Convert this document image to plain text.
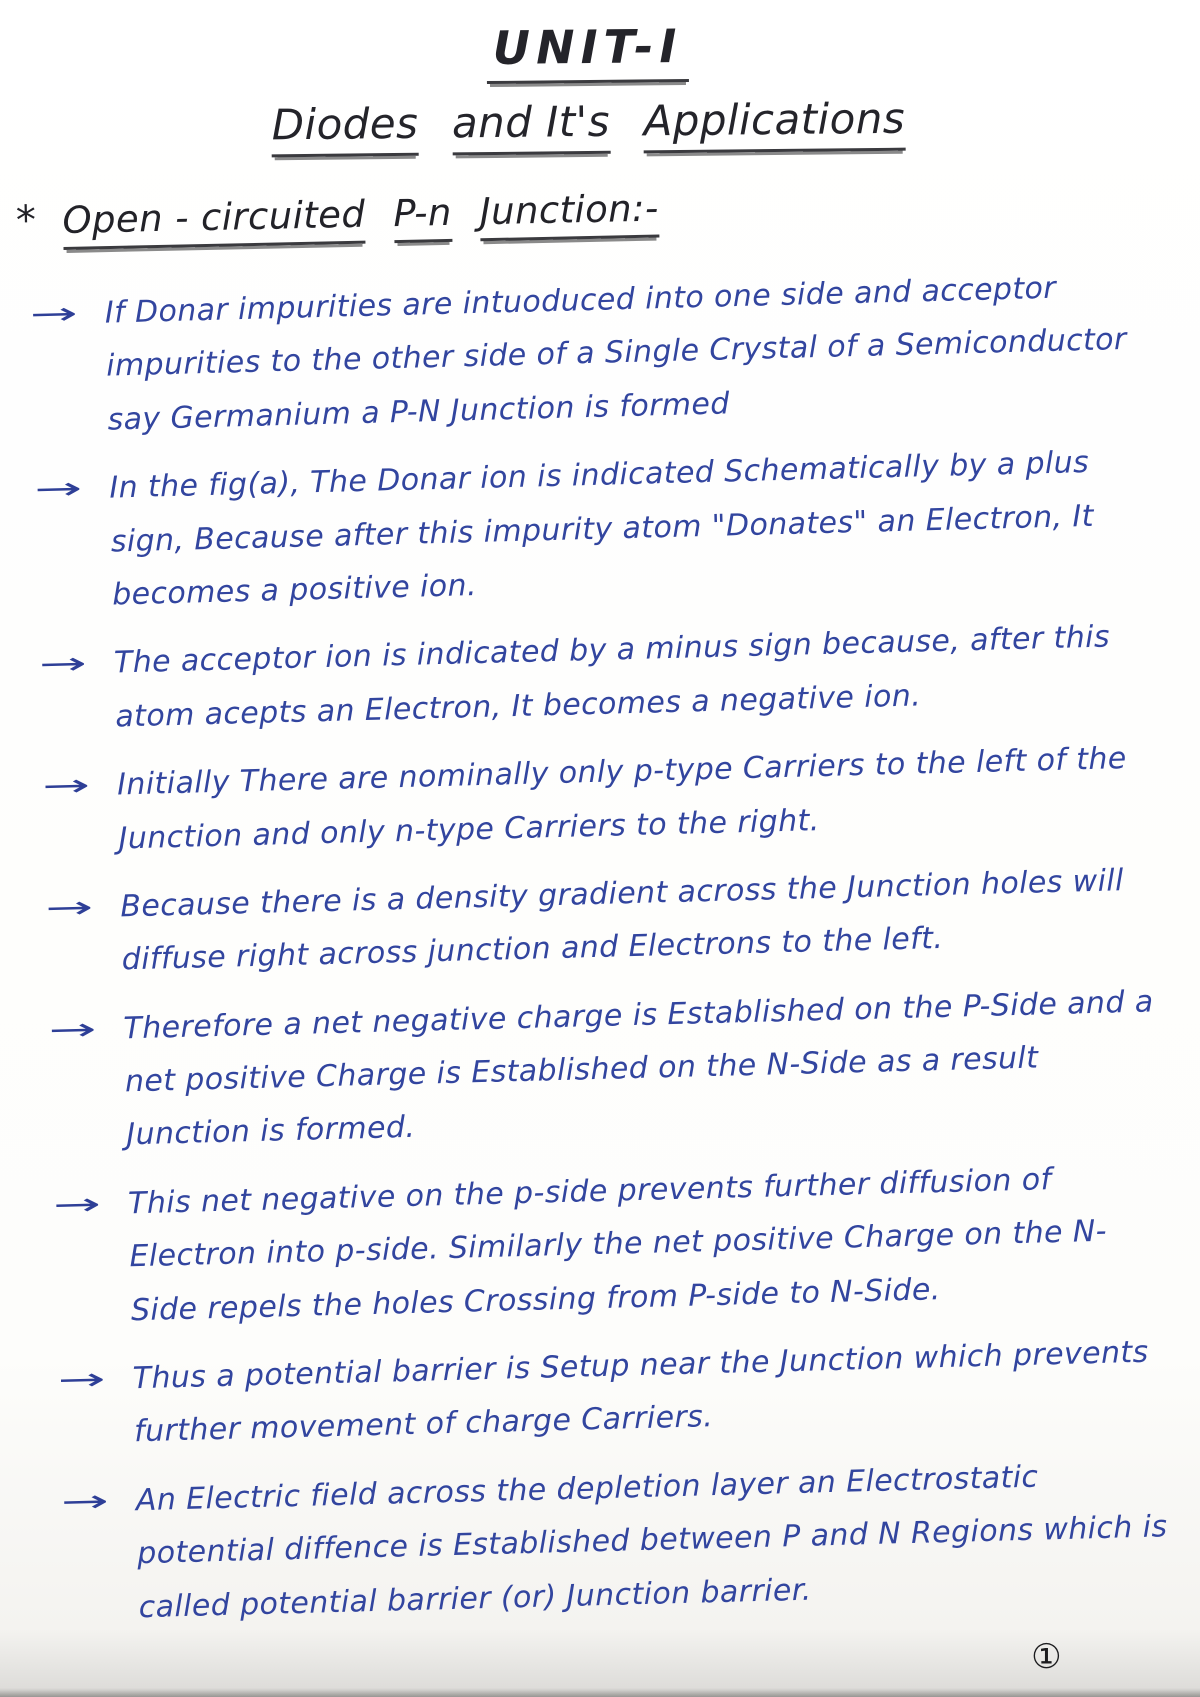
UNIT-I
Diodes and It's Applications
* Open - circuited P-n Junction:-
→ If Donar impurities are intuoduced into one side and acceptor impurities to the other side of a Single Crystal of a Semiconductor say Germanium a P-N Junction is formed
→ In the fig(a), The Donar ion is indicated Schematically by a plus sign, Because after this impurity atom "Donates" an Electron, It becomes a positive ion.
→ The acceptor ion is indicated by a minus sign because, after this atom acepts an Electron, It becomes a negative ion.
→ Initially There are nominally only p-type Carriers to the left of the Junction and only n-type Carriers to the right.
→ Because there is a density gradient across the Junction holes will diffuse right across junction and Electrons to the left.
→ Therefore a net negative charge is Established on the P-Side and a net positive Charge is Established on the N-Side as a result Junction is formed.
→ This net negative on the p-side prevents further diffusion of Electron into p-side. Similarly the net positive Charge on the N-Side repels the holes Crossing from P-side to N-Side.
→ Thus a potential barrier is Setup near the Junction which prevents further movement of charge Carriers.
→ An Electric field across the depletion layer an Electrostatic potential diffence is Established between P and N Regions which is called potential barrier (or) Junction barrier.
①
